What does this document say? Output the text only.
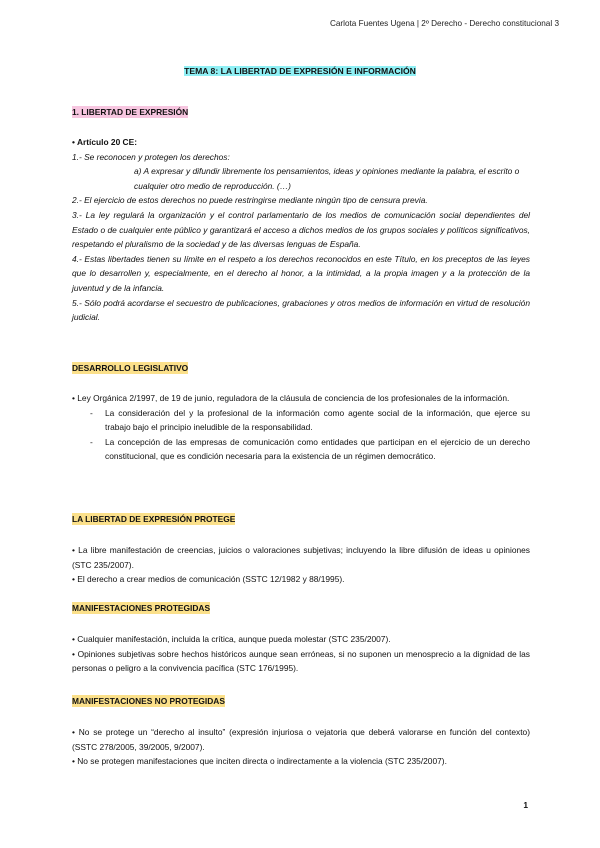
Carlota Fuentes Ugena | 2º Derecho - Derecho constitucional 3
TEMA 8: LA LIBERTAD DE EXPRESIÓN E INFORMACIÓN
1. LIBERTAD DE EXPRESIÓN
• Artículo 20 CE:
1.- Se reconocen y protegen los derechos:
a) A expresar y difundir libremente los pensamientos, ideas y opiniones mediante la palabra, el escrito o cualquier otro medio de reproducción. (…)
2.- El ejercicio de estos derechos no puede restringirse mediante ningún tipo de censura previa.
3.- La ley regulará la organización y el control parlamentario de los medios de comunicación social dependientes del Estado o de cualquier ente público y garantizará el acceso a dichos medios de los grupos sociales y políticos significativos, respetando el pluralismo de la sociedad y de las diversas lenguas de España.
4.- Estas libertades tienen su límite en el respeto a los derechos reconocidos en este Título, en los preceptos de las leyes que lo desarrollen y, especialmente, en el derecho al honor, a la intimidad, a la propia imagen y a la protección de la juventud y de la infancia.
5.- Sólo podrá acordarse el secuestro de publicaciones, grabaciones y otros medios de información en virtud de resolución judicial.
DESARROLLO LEGISLATIVO
• Ley Orgánica 2/1997, de 19 de junio, reguladora de la cláusula de conciencia de los profesionales de la información.
-	La consideración del y la profesional de la información como agente social de la información, que ejerce su trabajo bajo el principio ineludible de la responsabilidad.
-	La concepción de las empresas de comunicación como entidades que participan en el ejercicio de un derecho constitucional, que es condición necesaria para la existencia de un régimen democrático.
LA LIBERTAD DE EXPRESIÓN PROTEGE
• La libre manifestación de creencias, juicios o valoraciones subjetivas; incluyendo la libre difusión de ideas u opiniones (STC 235/2007).
• El derecho a crear medios de comunicación (SSTC 12/1982 y 88/1995).
MANIFESTACIONES PROTEGIDAS
• Cualquier manifestación, incluida la crítica, aunque pueda molestar (STC 235/2007).
• Opiniones subjetivas sobre hechos históricos aunque sean erróneas, si no suponen un menosprecio a la dignidad de las personas o peligro a la convivencia pacífica (STC 176/1995).
MANIFESTACIONES NO PROTEGIDAS
• No se protege un “derecho al insulto” (expresión injuriosa o vejatoria que deberá valorarse en función del contexto) (SSTC 278/2005, 39/2005, 9/2007).
• No se protegen manifestaciones que inciten directa o indirectamente a la violencia (STC 235/2007).
1
